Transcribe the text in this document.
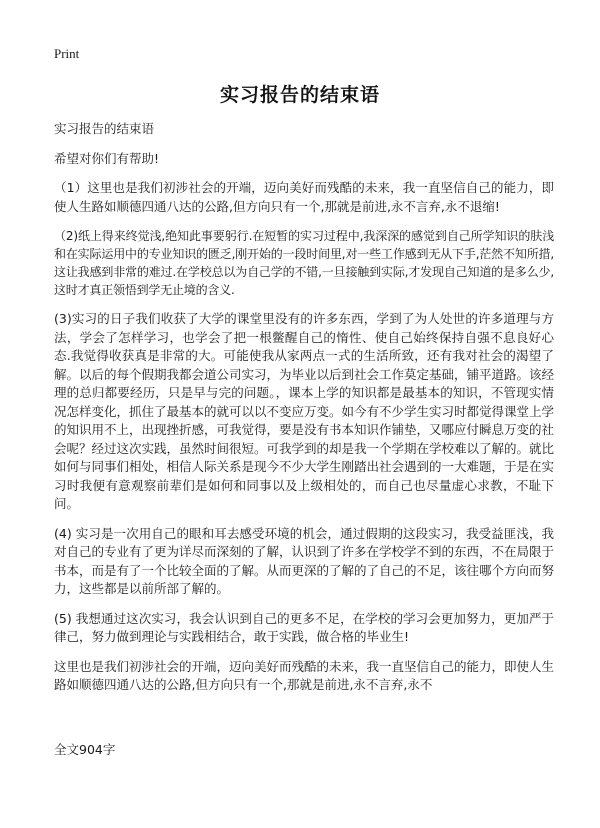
Print
实习报告的结束语

实习报告的结束语

希望对你们有帮助!

（1）这里也是我们初涉社会的开端，迈向美好而残酷的未来，我一直坚信自己的能力，即使人生路如顺德四通八达的公路,但方向只有一个,那就是前进,永不言弃,永不退缩!

（2)纸上得来终觉浅,绝知此事要躬行.在短暂的实习过程中,我深深的感觉到自己所学知识的肤浅和在实际运用中的专业知识的匮乏,刚开始的一段时间里,对一些工作感到无从下手,茫然不知所措,这让我感到非常的难过.在学校总以为自己学的不错,一旦接触到实际,才发现自己知道的是多么少,这时才真正领悟到学无止境的含义.

(3)实习的日子我们收获了大学的课堂里没有的许多东西，学到了为人处世的许多道理与方法，学会了怎样学习，也学会了把一根鳖醒自己的惰性、使自己始终保持自强不息良好心态.我觉得收获真是非常的大。可能使我从家两点一式的生活所致，还有我对社会的渴望了解。以后的每个假期我都会道公司实习，为毕业以后到社会工作莫定基础，铺平道路。该经理的总归都要经历，只是早与完的问题。，课本上学的知识都是最基本的知识，不管现实情况怎样变化，抓住了最基本的就可以以不变应万变。如今有不少学生实习时都觉得课堂上学的知识用不上，出现挫折感，可我觉得，要是没有书本知识作铺垫，又哪应付瞬息万变的社会呢？经过这次实践，虽然时间很短。可我学到的却是我一个学期在学校难以了解的。就比如何与同事们相处，相信人际关系是现今不少大学生刚踏出社会遇到的一大难题，于是在实习时我便有意观察前辈们是如何和同事以及上级相处的，而自己也尽量虚心求教，不耻下问。

(4) 实习是一次用自己的眼和耳去感受环境的机会，通过假期的这段实习，我受益匪浅，我对自己的专业有了更为详尽而深刻的了解，认识到了许多在学校学不到的东西，不在局限于书本，而是有了一个比较全面的了解。从而更深的了解的了自己的不足，该往哪个方向而努力，这些都是以前所部了解的。

(5) 我想通过这次实习，我会认识到自己的更多不足，在学校的学习会更加努力，更加严于律己，努力做到理论与实践相结合，敢于实践，做合格的毕业生!

这里也是我们初涉社会的开端，迈向美好而残酷的未来，我一直坚信自己的能力，即使人生路如顺德四通八达的公路,但方向只有一个,那就是前进,永不言弃,永不

全文904字
